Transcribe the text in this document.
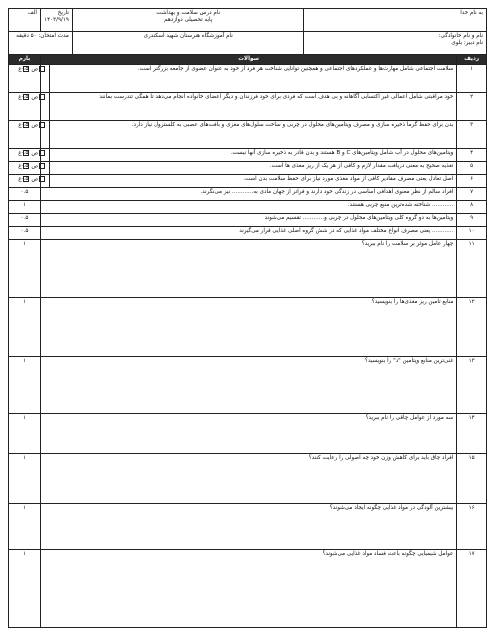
به نام خدا		نام درس سلامت و بهداشت
پایه تحصیلی دوازدهم	تاریخ ۱۴۰۳/۹/۱۹		الف

نام و نام خانوادگی:
نام دبیر: بلوی		نام آموزشگاه هنرستان شهید اسکندری	مدت امتحان: ۵۰ دقیقه		
ردیف	سوالات				بارم
۱	سلامت اجتماعی شامل مهارت‌ها و عملکردهای اجتماعی و همچنین توانایی شناخت هر فرد از خود به عنوان عضوی از جامعه بزرگتر است.			ص غ	۰.۵
۲	خود مراقبتی شامل اعمالی غیر اکتسابی آگاهانه و بی هدف است که فردی برای خود فرزندان و دیگر اعضای خانواده انجام می‌دهد تا همگی تندرست بمانند			ص غ	۰.۵
۳	بدن برای حفظ گرما ذخیره سازی و مصرف ویتامین‌های محلول در چربی و ساخت سلول‌های مغزی و بافت‌های عصبی به کلسترول نیاز دارد.			ص غ	۰.۵
۴	ویتامین‌های محلول در آب شامل ویتامین‌های C و B هستند و بدن قادر به ذخیره سازی آنها نیست.			ص غ	۰.۵
۵	تغذیه صحیح به معنی دریافت مقدار لازم و کافی از هر یک از ریز مغذی ها است.			ص غ	۰.۵
۶	اصل تعادل یعنی مصرف مقادیر کافی از مواد مغذی مورد نیاز برای حفظ سلامت بدن است.			ص غ	۰.۵
۷	افراد سالم از نظر معنوی اهدافی اساسی در زندگی خود دارند و فراتر از جهان مادی به............ نیز می‌نگرند.				۰.۵
۸	............ شناخته شده‌ترین منبع چربی هستند.				۱
۹	ویتامین‌ها به دو گروه کلی ویتامین‌های محلول در چربی و............ تقسیم می‌شوند				۰.۵
۱۰	............ یعنی مصرف انواع مختلف مواد غذایی که در شش گروه اصلی غذایی قرار می‌گیرند				۰.۵
۱۱	چهار عامل موثر بر سلامت را نام ببرید؟				۱
۱۲	منابع تامین ریز مغذی‌ها را بنویسید؟				۱
۱۳	غنی‌ترین منابع ویتامین "د" را بنویسید؟				۱
۱۴	سه مورد از عوامل چاقی را نام ببرید؟				۱
۱۵	افراد چاق باید برای کاهش وزن خود چه اصولی را رعایت کنند؟				۱
۱۶	بیشترین آلودگی در مواد غذایی چگونه ایجاد می‌شوند؟				۱
۱۷	عوامل شیمیایی چگونه باعث فساد مواد غذایی می‌شوند؟				۱
